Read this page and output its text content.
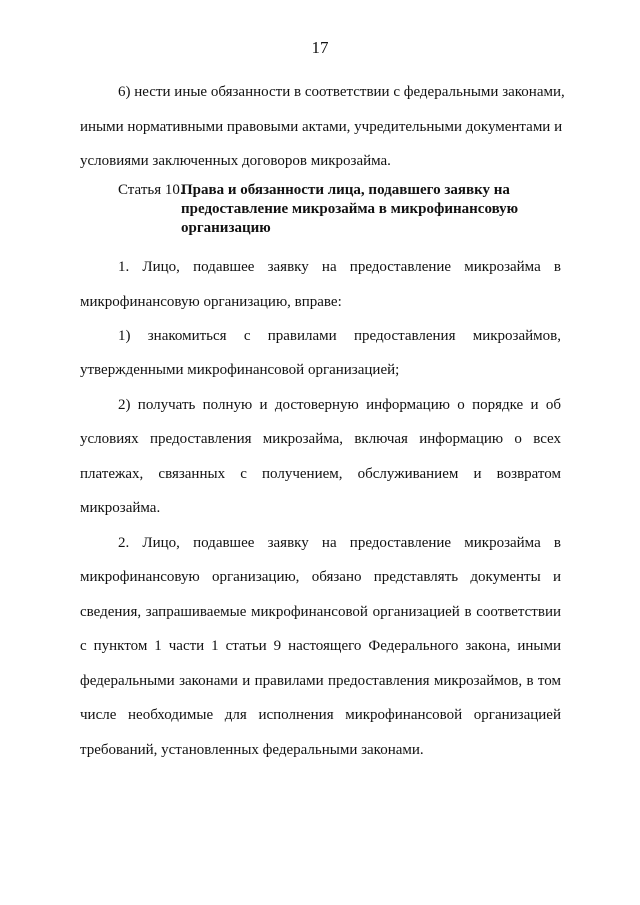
17
6) нести иные обязанности в соответствии с федеральными законами,
иными нормативными правовыми актами, учредительными документами и
условиями заключенных договоров микрозайма.
Статья 10.
Права и обязанности лица, подавшего заявку на
предоставление микрозайма в микрофинансовую
организацию
1. Лицо, подавшее заявку на предоставление микрозайма в
микрофинансовую организацию, вправе:
1) знакомиться с правилами предоставления микрозаймов,
утвержденными микрофинансовой организацией;
2) получать полную и достоверную информацию о порядке и об
условиях предоставления микрозайма, включая информацию о всех
платежах, связанных с получением, обслуживанием и возвратом
микрозайма.
2. Лицо, подавшее заявку на предоставление микрозайма в
микрофинансовую организацию, обязано представлять документы и
сведения, запрашиваемые микрофинансовой организацией в соответствии
с пунктом 1 части 1 статьи 9 настоящего Федерального закона, иными
федеральными законами и правилами предоставления микрозаймов, в том
числе необходимые для исполнения микрофинансовой организацией
требований, установленных федеральными законами.
